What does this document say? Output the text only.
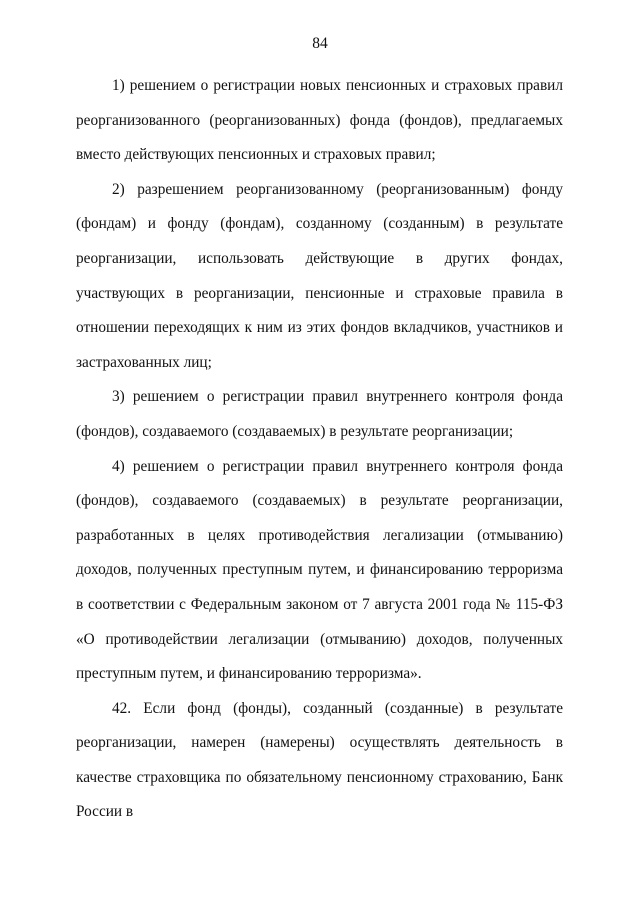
84

1) решением о регистрации новых пенсионных и страховых правил реорганизованного (реорганизованных) фонда (фондов), предлагаемых вместо действующих пенсионных и страховых правил;

2) разрешением реорганизованному (реорганизованным) фонду (фондам) и фонду (фондам), созданному (созданным) в результате реорганизации, использовать действующие в других фондах, участвующих в реорганизации, пенсионные и страховые правила в отношении переходящих к ним из этих фондов вкладчиков, участников и застрахованных лиц;

3) решением о регистрации правил внутреннего контроля фонда (фондов), создаваемого (создаваемых) в результате реорганизации;

4) решением о регистрации правил внутреннего контроля фонда (фондов), создаваемого (создаваемых) в результате реорганизации, разработанных в целях противодействия легализации (отмыванию) доходов, полученных преступным путем, и финансированию терроризма в соответствии с Федеральным законом от 7 августа 2001 года № 115-ФЗ «О противодействии легализации (отмыванию) доходов, полученных преступным путем, и финансированию терроризма».

42. Если фонд (фонды), созданный (созданные) в результате реорганизации, намерен (намерены) осуществлять деятельность в качестве страховщика по обязательному пенсионному страхованию, Банк России в
